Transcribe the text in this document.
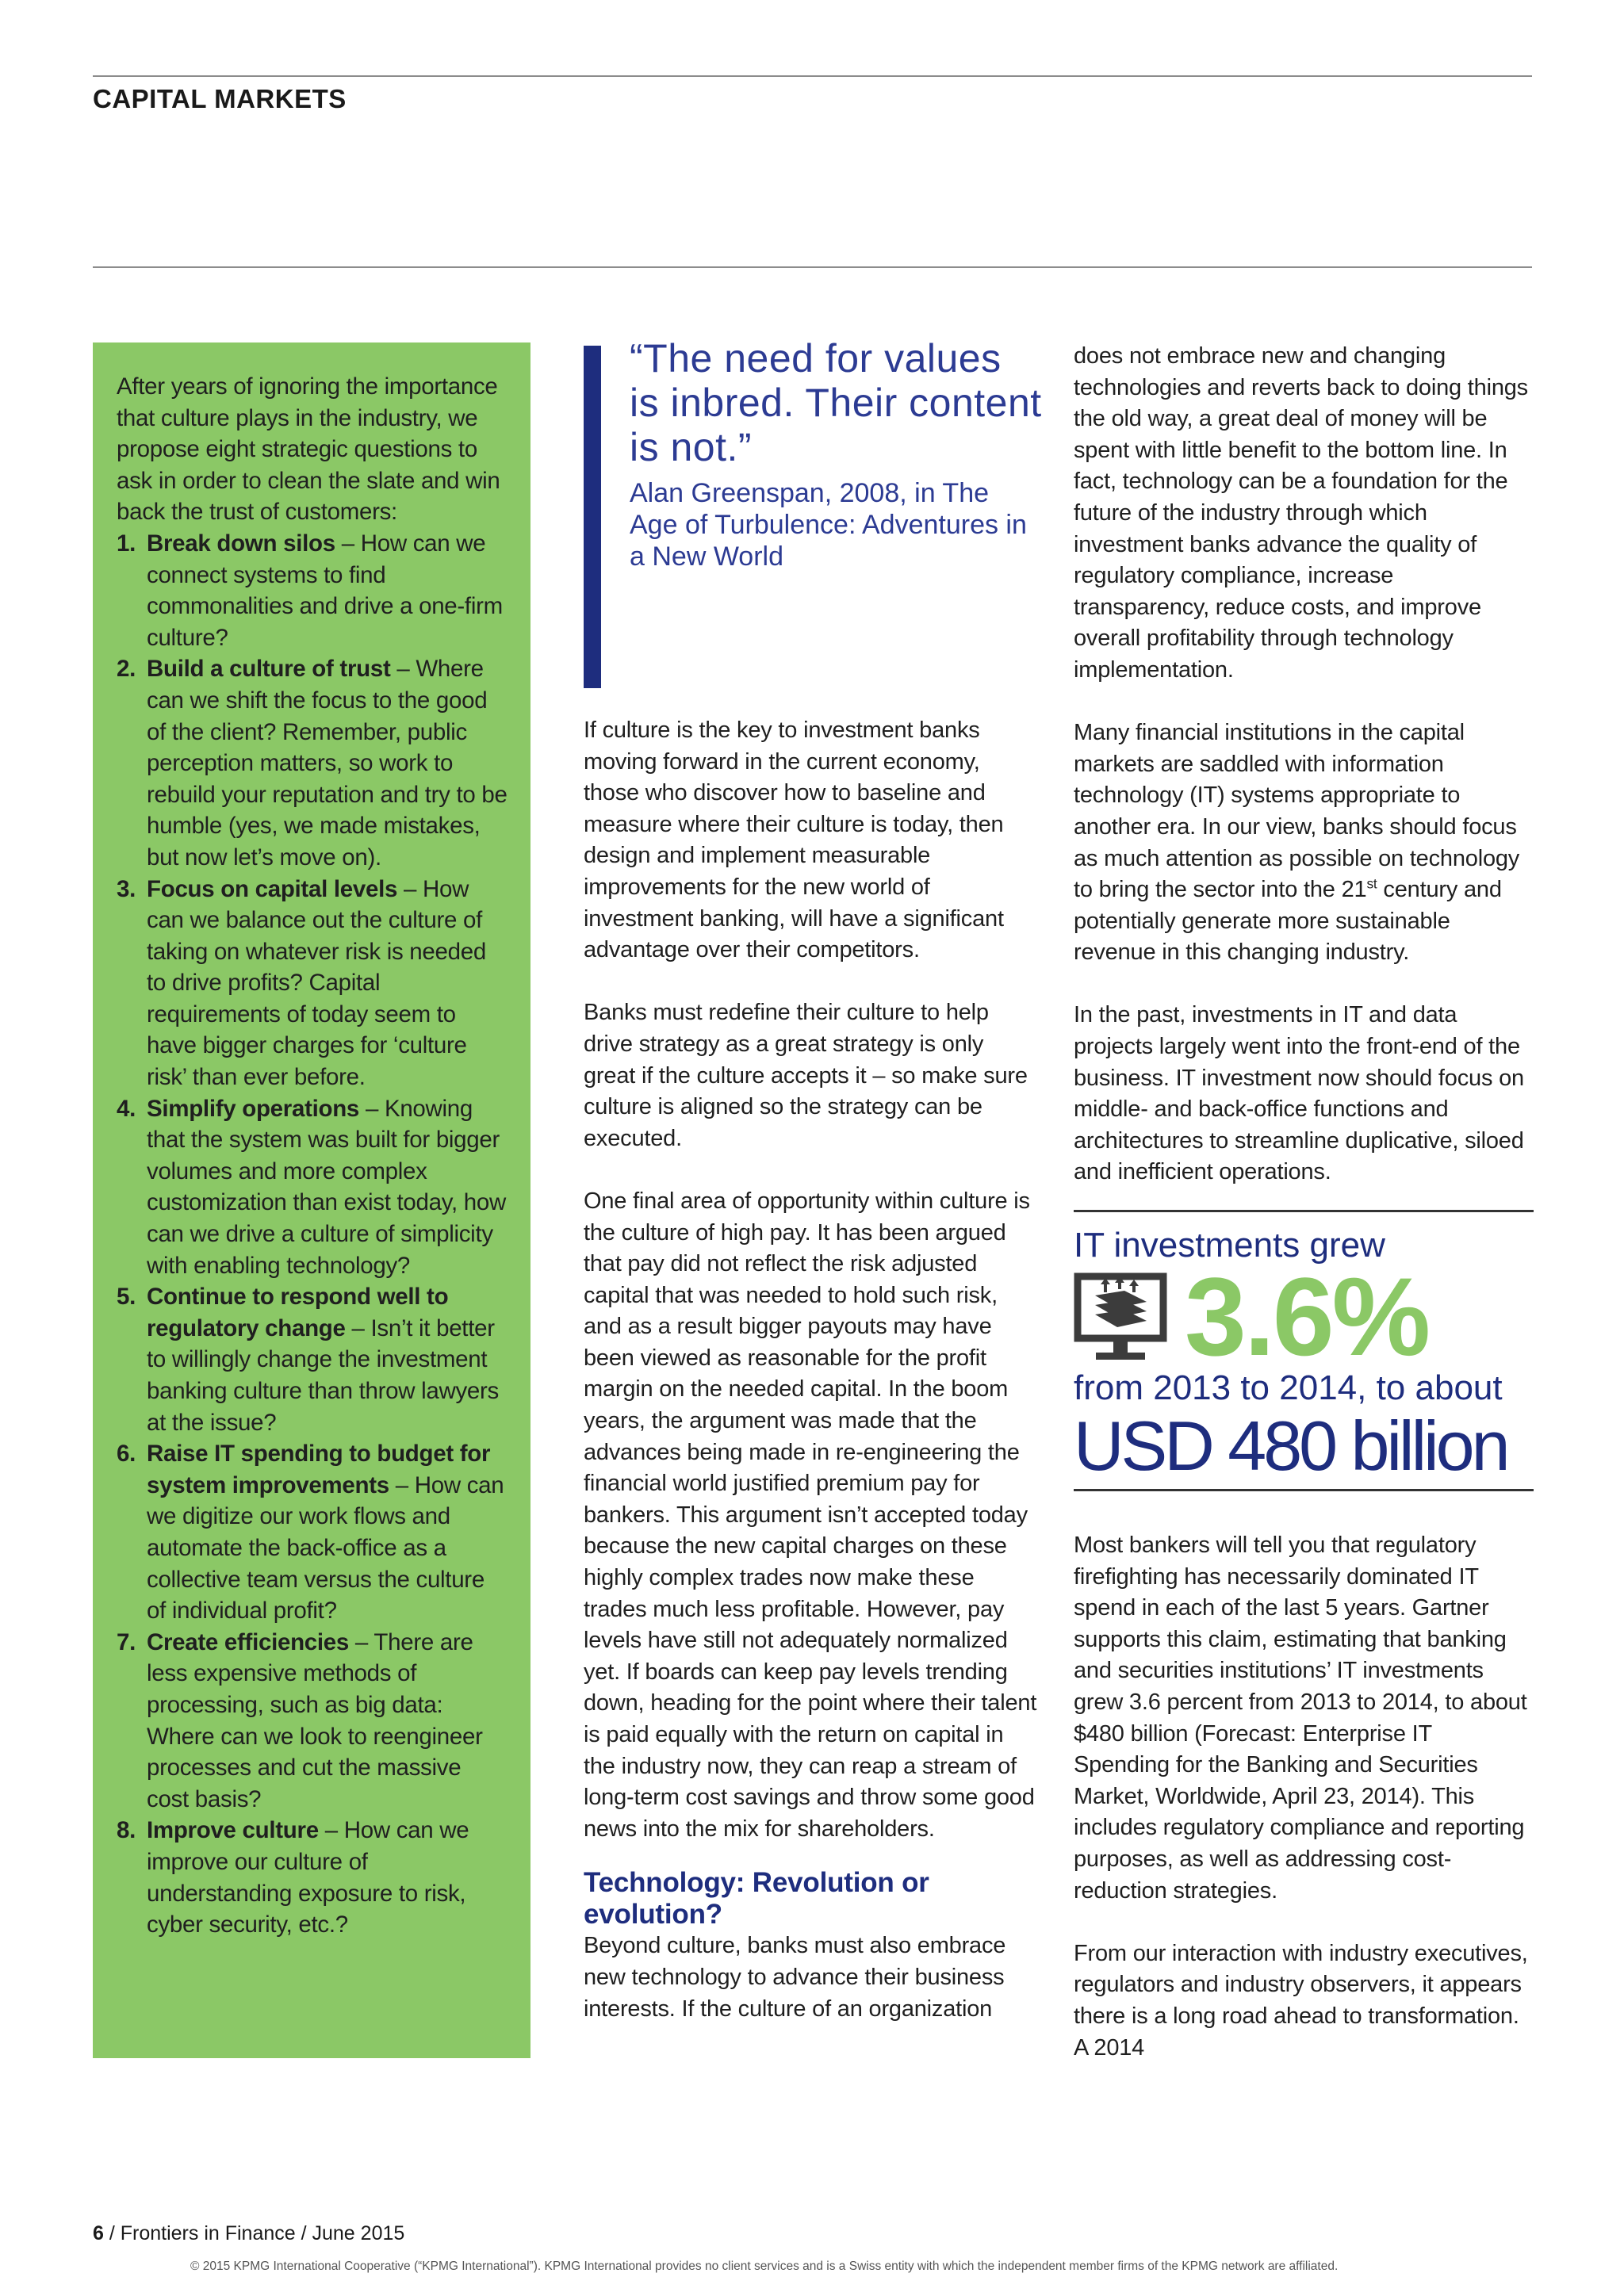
CAPITAL MARKETS
After years of ignoring the importance that culture plays in the industry, we propose eight strategic questions to ask in order to clean the slate and win back the trust of customers:
1. Break down silos – How can we connect systems to find commonalities and drive a one-firm culture?
2. Build a culture of trust – Where can we shift the focus to the good of the client? Remember, public perception matters, so work to rebuild your reputation and try to be humble (yes, we made mistakes, but now let’s move on).
3. Focus on capital levels – How can we balance out the culture of taking on whatever risk is needed to drive profits? Capital requirements of today seem to have bigger charges for ‘culture risk’ than ever before.
4. Simplify operations – Knowing that the system was built for bigger volumes and more complex customization than exist today, how can we drive a culture of simplicity with enabling technology?
5. Continue to respond well to regulatory change – Isn’t it better to willingly change the investment banking culture than throw lawyers at the issue?
6. Raise IT spending to budget for system improvements – How can we digitize our work flows and automate the back-office as a collective team versus the culture of individual profit?
7. Create efficiencies – There are less expensive methods of processing, such as big data: Where can we look to reengineer processes and cut the massive cost basis?
8. Improve culture – How can we improve our culture of understanding exposure to risk, cyber security, etc.?
“The need for values is inbred. Their content is not.”
Alan Greenspan, 2008, in The Age of Turbulence: Adventures in a New World

If culture is the key to investment banks moving forward in the current economy, those who discover how to baseline and measure where their culture is today, then design and implement measurable improvements for the new world of investment banking, will have a significant advantage over their competitors.

Banks must redefine their culture to help drive strategy as a great strategy is only great if the culture accepts it – so make sure culture is aligned so the strategy can be executed.

One final area of opportunity within culture is the culture of high pay. It has been argued that pay did not reflect the risk adjusted capital that was needed to hold such risk, and as a result bigger payouts may have been viewed as reasonable for the profit margin on the needed capital. In the boom years, the argument was made that the advances being made in re-engineering the financial world justified premium pay for bankers. This argument isn’t accepted today because the new capital charges on these highly complex trades now make these trades much less profitable. However, pay levels have still not adequately normalized yet. If boards can keep pay levels trending down, heading for the point where their talent is paid equally with the return on capital in the industry now, they can reap a stream of long-term cost savings and throw some good news into the mix for shareholders.

Technology: Revolution or evolution?

Beyond culture, banks must also embrace new technology to advance their business interests. If the culture of an organization

does not embrace new and changing technologies and reverts back to doing things the old way, a great deal of money will be spent with little benefit to the bottom line. In fact, technology can be a foundation for the future of the industry through which investment banks advance the quality of regulatory compliance, increase transparency, reduce costs, and improve overall profitability through technology implementation.

Many financial institutions in the capital markets are saddled with information technology (IT) systems appropriate to another era. In our view, banks should focus as much attention as possible on technology to bring the sector into the 21st century and potentially generate more sustainable revenue in this changing industry.

In the past, investments in IT and data projects largely went into the front-end of the business. IT investment now should focus on middle- and back-office functions and architectures to streamline duplicative, siloed and inefficient operations.

IT investments grew
3.6%
from 2013 to 2014, to about
USD 480 billion

Most bankers will tell you that regulatory firefighting has necessarily dominated IT spend in each of the last 5 years. Gartner supports this claim, estimating that banking and securities institutions’ IT investments grew 3.6 percent from 2013 to 2014, to about $480 billion (Forecast: Enterprise IT Spending for the Banking and Securities Market, Worldwide, April 23, 2014). This includes regulatory compliance and reporting purposes, as well as addressing cost-reduction strategies.

From our interaction with industry executives, regulators and industry observers, it appears there is a long road ahead to transformation. A 2014

6 / Frontiers in Finance / June 2015
© 2015 KPMG International Cooperative (“KPMG International”). KPMG International provides no client services and is a Swiss entity with which the independent member firms of the KPMG network are affiliated.
